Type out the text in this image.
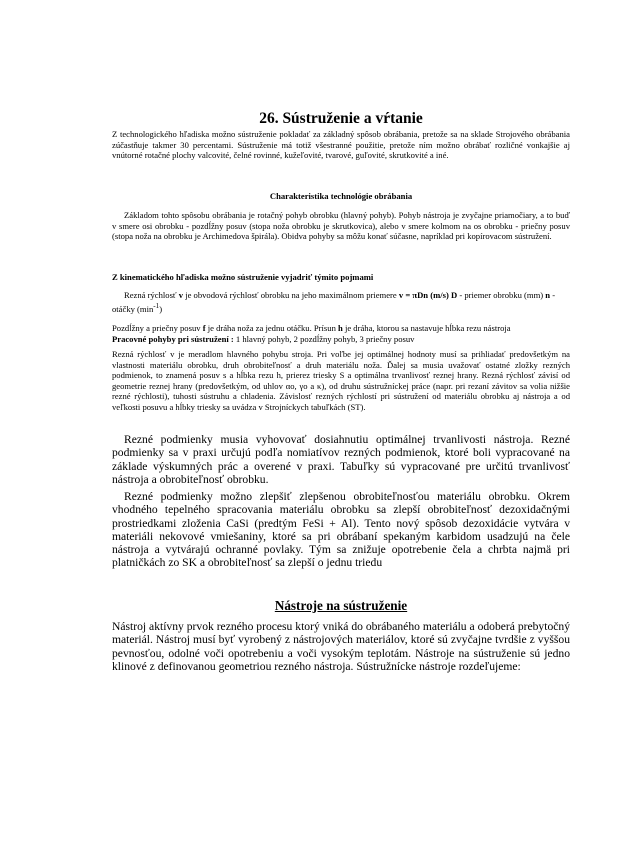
26. Sústruženie a vŕtanie

Z technologického hľadiska možno sústruženie pokladať za základný spôsob obrábania, pretože sa na sklade Strojového obrábania zúčastňuje takmer 30 percentami. Sústruženie má totiž všestranné použitie, pretože ním možno obrábať rozličné vonkajšie aj vnútorné rotačné plochy valcovité, čelné rovinné, kužeľovité, tvarové, guľovité, skrutkovité a iné.

Charakteristika technológie obrábania

Základom tohto spôsobu obrábania je rotačný pohyb obrobku (hlavný pohyb). Pohyb nástroja je zvyčajne priamočiary, a to buď v smere osi obrobku - pozdĺžny posuv (stopa noža obrobku je skrutkovica), alebo v smere kolmom na os obrobku - priečny posuv (stopa noža na obrobku je Archimedova špirála). Obidva pohyby sa môžu konať súčasne, napríklad pri kopírovacom sústružení.

Z kinematického hľadiska možno sústruženie vyjadriť týmito pojmami

Rezná rýchlosť v je obvodová rýchlosť obrobku na jeho maximálnom priemere v = πDn (m/s) D - priemer obrobku (mm) n - otáčky $(\min^{-1})$

Pozdĺžny a priečny posuv f je dráha noža za jednu otáčku. Prísun h je dráha, ktorou sa nastavuje hĺbka rezu nástroja
Pracovné pohyby pri sústružení : 1 hlavný pohyb, 2 pozdĺžny pohyb, 3 priečny posuv

Rezná rýchlosť v je meradlom hlavného pohybu stroja. Pri voľbe jej optimálnej hodnoty musí sa prihliadať predovšetkým na vlastnosti materiálu obrobku, druh obrobiteľnosť a druh materiálu noža. Ďalej sa musia uvažovať ostatné zložky rezných podmienok, to znamená posuv s a hĺbka rezu h, prierez triesky S a optimálna trvanlivosť reznej hrany. Rezná rýchlosť závisí od geometrie reznej hrany (predovšetkým, od uhlov αo, γo a κ), od druhu sústružníckej práce (napr. pri rezaní závitov sa volia nižšie rezné rýchlosti), tuhosti sústruhu a chladenia. Závislosť rezných rýchlostí pri sústružení od materiálu obrobku aj nástroja a od veľkosti posuvu a hĺbky triesky sa uvádza v Strojníckych tabuľkách (ST).

Rezné podmienky musia vyhovovať dosiahnutiu optimálnej trvanlivosti nástroja. Rezné podmienky sa v praxi určujú podľa nomiatívov rezných podmienok, ktoré boli vypracované na základe výskumných prác a overené v praxi. Tabuľky sú vypracované pre určitú trvanlivosť nástroja a obrobiteľnosť obrobku.

Rezné podmienky možno zlepšiť zlepšenou obrobiteľnosťou materiálu obrobku. Okrem vhodného tepelného spracovania materiálu obrobku sa zlepší obrobiteľnosť dezoxidačnými prostriedkami zloženia CaSi (predtým FeSi + Al). Tento nový spôsob dezoxidácie vytvára v materiáli nekovové vmiešaniny, ktoré sa pri obrábaní spekaným karbidom usadzujú na čele nástroja a vytvárajú ochranné povlaky. Tým sa znižuje opotrebenie čela a chrbta najmä pri platničkách zo SK a obrobiteľnosť sa zlepší o jednu triedu

Nástroje na sústruženie

Nástroj aktívny prvok rezného procesu ktorý vniká do obrábaného materiálu a odoberá prebytočný materiál. Nástroj musí byť vyrobený z nástrojových materiálov, ktoré sú zvyčajne tvrdšie z vyššou pevnosťou, odolné voči opotrebeniu a voči vysokým teplotám. Nástroje na sústruženie sú jedno klinové z definovanou geometriou rezného nástroja. Sústružnícke nástroje rozdeľujeme:
